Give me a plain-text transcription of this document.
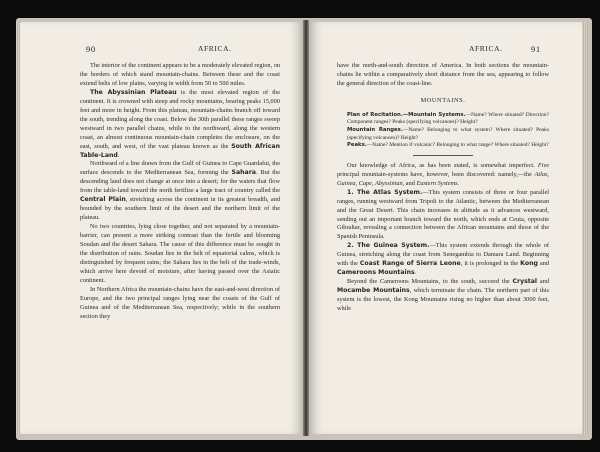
90	AFRICA.

The interior of the continent appears to be a moderately elevated region, on the borders of which stand mountain-chains. Between these and the coast extend belts of low plains, varying in width from 50 to 500 miles.

The Abyssinian Plateau is the most elevated region of the continent. It is crowned with steep and rocky mountains, bearing peaks 15,000 feet and more in height. From this plateau, mountain-chains branch off toward the south, trending along the coast. Below the 30th parallel these ranges sweep westward in two parallel chains, while to the northward, along the western coast, an almost continuous mountain-chain completes the enclosure, on the east, south, and west, of the vast plateau known as the South African Table-Land.

Northward of a line drawn from the Gulf of Guinea to Cape Guardafui, the surface descends to the Mediterranean Sea, forming the Sahara. But the descending land does not change at once into a desert; for the waters that flow from the table-land toward the north fertilize a large tract of country called the Central Plain, stretching across the continent in its greatest breadth, and bounded by the southern limit of the desert and the northern limit of the plateau.

No two countries, lying close together, and not separated by a mountain-barrier, can present a more striking contrast than the fertile and blooming Soudan and the desert Sahara. The cause of this difference must be sought in the distribution of rains. Soudan lies in the belt of equatorial calms, which is distinguished by frequent rains; the Sahara lies in the belt of the trade-winds, which arrive here devoid of moisture, after having passed over the Asiatic continent.

In Northern Africa the mountain-chains have the east-and-west direction of Europe, and the two principal ranges lying near the coasts of the Gulf of Guinea and of the Mediterranean Sea, respectively; while in the southern section they

AFRICA.	91

have the north-and-south direction of America. In both sections the mountain-chains lie within a comparatively short distance from the sea, appearing to follow the general direction of the coast-line.

MOUNTAINS.

Plan of Recitation.—Mountain Systems.—Name? Where situated? Direction? Component ranges? Peaks (specifying volcanoes)? Height?

Mountain Ranges.—Name? Belonging to what system? Where situated? Peaks (specifying volcanoes)? Height?

Peaks.—Name? Mention if volcanic? Belonging to what range? Where situated? Height?

Our knowledge of Africa, as has been stated, is somewhat imperfect. Five principal mountain-systems have, however, been discovered: namely,—the Atlas, Guinea, Cape, Abyssinian, and Eastern Systems.

1. The Atlas System.—This system consists of three or four parallel ranges, running westward from Tripoli to the Atlantic, between the Mediterranean and the Great Desert. This chain increases in altitude as it advances westward, sending out an important branch toward the north, which ends at Ceuta, opposite Gibraltar, revealing a connection between the African mountains and those of the Spanish Peninsula.

2. The Guinea System.—This system extends through the whole of Guinea, stretching along the coast from Senegambia to Damara Land. Beginning with the Coast Range of Sierra Leone, it is prolonged in the Kong and Cameroons Mountains.

Beyond the Cameroons Mountains, to the south, succeed the Crystal and Mocambe Mountains, which terminate the chain. The northern part of this system is the lowest, the Kong Mountains rising no higher than about 3000 feet, while
